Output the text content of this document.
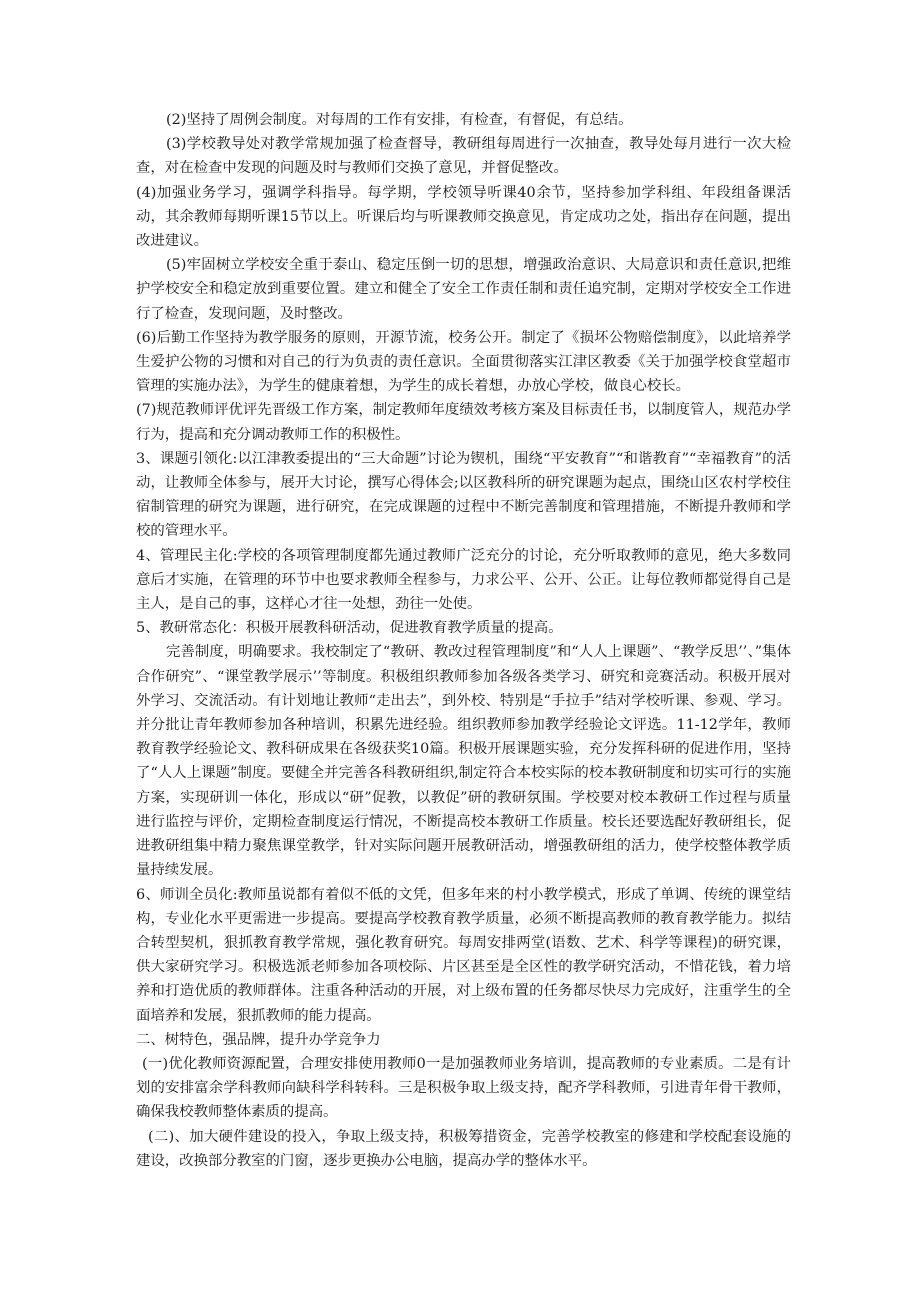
(2)坚持了周例会制度。对每周的工作有安排，有检查，有督促，有总结。

(3)学校教导处对教学常规加强了检查督导，教研组每周进行一次抽查，教导处每月进行一次大检查，对在检查中发现的问题及时与教师们交换了意见，并督促整改。

(4)加强业务学习，强调学科指导。每学期，学校领导听课40余节，坚持参加学科组、年段组备课活动，其余教师每期听课15节以上。听课后均与听课教师交换意见，肯定成功之处，指出存在问题，提出改进建议。

(5)牢固树立学校安全重于泰山、稳定压倒一切的思想，增强政治意识、大局意识和责任意识,把维护学校安全和稳定放到重要位置。建立和健全了安全工作责任制和责任追究制，定期对学校安全工作进行了检查，发现问题，及时整改。

(6)后勤工作坚持为教学服务的原则，开源节流，校务公开。制定了《损坏公物赔偿制度》，以此培养学生爱护公物的习惯和对自己的行为负责的责任意识。全面贯彻落实江津区教委《关于加强学校食堂超市管理的实施办法》，为学生的健康着想，为学生的成长着想，办放心学校，做良心校长。

(7)规范教师评优评先晋级工作方案，制定教师年度绩效考核方案及目标责任书，以制度管人，规范办学行为，提高和充分调动教师工作的积极性。

3、课题引领化:以江津教委提出的“三大命题”讨论为锲机，围绕“平安教育”“和谐教育”“幸福教育”的活动，让教师全体参与，展开大讨论，撰写心得体会;以区教科所的研究课题为起点，围绕山区农村学校住宿制管理的研究为课题，进行研究，在完成课题的过程中不断完善制度和管理措施，不断提升教师和学校的管理水平。

4、管理民主化:学校的各项管理制度都先通过教师广泛充分的讨论，充分听取教师的意见，绝大多数同意后才实施，在管理的环节中也要求教师全程参与，力求公平、公开、公正。让每位教师都觉得自己是主人，是自己的事，这样心才往一处想，劲往一处使。

5、教研常态化：积极开展教科研活动，促进教育教学质量的提高。

完善制度，明确要求。我校制定了“教研、教改过程管理制度”和“人人上课题”、“教学反思’’、”集体合作研究”、“课堂教学展示’’等制度。积极组织教师参加各级各类学习、研究和竞赛活动。积极开展对外学习、交流活动。有计划地让教师“走出去”，到外校、特别是“手拉手”结对学校听课、参观、学习。并分批让青年教师参加各种培训，积累先进经验。组织教师参加教学经验论文评选。11-12学年，教师教育教学经验论文、教科研成果在各级获奖10篇。积极开展课题实验，充分发挥科研的促进作用，坚持了“人人上课题”制度。要健全并完善各科教研组织,制定符合本校实际的校本教研制度和切实可行的实施方案，实现研训一体化，形成以“研”促教，以教促”研的教研氛围。学校要对校本教研工作过程与质量进行监控与评价，定期检查制度运行情况，不断提高校本教研工作质量。校长还要选配好教研组长，促进教研组集中精力聚焦课堂教学，针对实际问题开展教研活动，增强教研组的活力，使学校整体教学质量持续发展。

6、师训全员化:教师虽说都有着似不低的文凭，但多年来的村小教学模式，形成了单调、传统的课堂结构，专业化水平更需进一步提高。要提高学校教育教学质量，必须不断提高教师的教育教学能力。拟结合转型契机，狠抓教育教学常规，强化教育研究。每周安排两堂(语数、艺术、科学等课程)的研究课，供大家研究学习。积极选派老师参加各项校际、片区甚至是全区性的教学研究活动，不惜花钱，着力培养和打造优质的教师群体。注重各种活动的开展，对上级布置的任务都尽快尽力完成好，注重学生的全面培养和发展，狠抓教师的能力提高。

二、树特色，强品牌，提升办学竞争力

(一)优化教师资源配置，合理安排使用教师0一是加强教师业务培训，提高教师的专业素质。二是有计划的安排富余学科教师向缺科学科转科。三是积极争取上级支持，配齐学科教师，引进青年骨干教师，确保我校教师整体素质的提高。

(二)、加大硬件建设的投入，争取上级支持，积极筹措资金，完善学校教室的修建和学校配套设施的建设，改换部分教室的门窗，逐步更换办公电脑，提高办学的整体水平。
